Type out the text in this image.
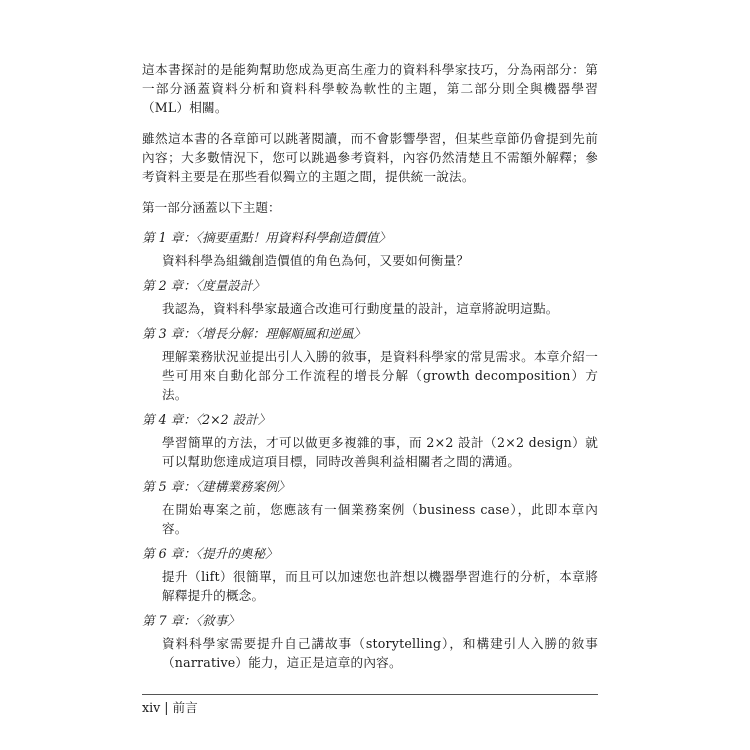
這本書探討的是能夠幫助您成為更高生產力的資料科學家技巧，分為兩部分：第一部分涵蓋資料分析和資料科學較為軟性的主題，第二部分則全與機器學習（ML）相關。

雖然這本書的各章節可以跳著閱讀，而不會影響學習，但某些章節仍會提到先前內容；大多數情況下，您可以跳過參考資料，內容仍然清楚且不需額外解釋；參考資料主要是在那些看似獨立的主題之間，提供統一說法。

第一部分涵蓋以下主題：

第 1 章：〈摘要重點！用資料科學創造價值〉

資料科學為組織創造價值的角色為何，又要如何衡量？

第 2 章：〈度量設計〉

我認為，資料科學家最適合改進可行動度量的設計，這章將說明這點。

第 3 章：〈增長分解：理解順風和逆風〉

理解業務狀況並提出引人入勝的敘事，是資料科學家的常見需求。本章介紹一些可用來自動化部分工作流程的增長分解（growth decomposition）方法。

第 4 章：〈2×2 設計〉

學習簡單的方法，才可以做更多複雜的事，而 2×2 設計（2×2 design）就可以幫助您達成這項目標，同時改善與利益相關者之間的溝通。

第 5 章：〈建構業務案例〉

在開始專案之前，您應該有一個業務案例（business case），此即本章內容。

第 6 章：〈提升的奧秘〉

提升（lift）很簡單，而且可以加速您也許想以機器學習進行的分析，本章將解釋提升的概念。

第 7 章：〈敘事〉

資料科學家需要提升自己講故事（storytelling），和構建引人入勝的敘事（narrative）能力，這正是這章的內容。

xiv | 前言
